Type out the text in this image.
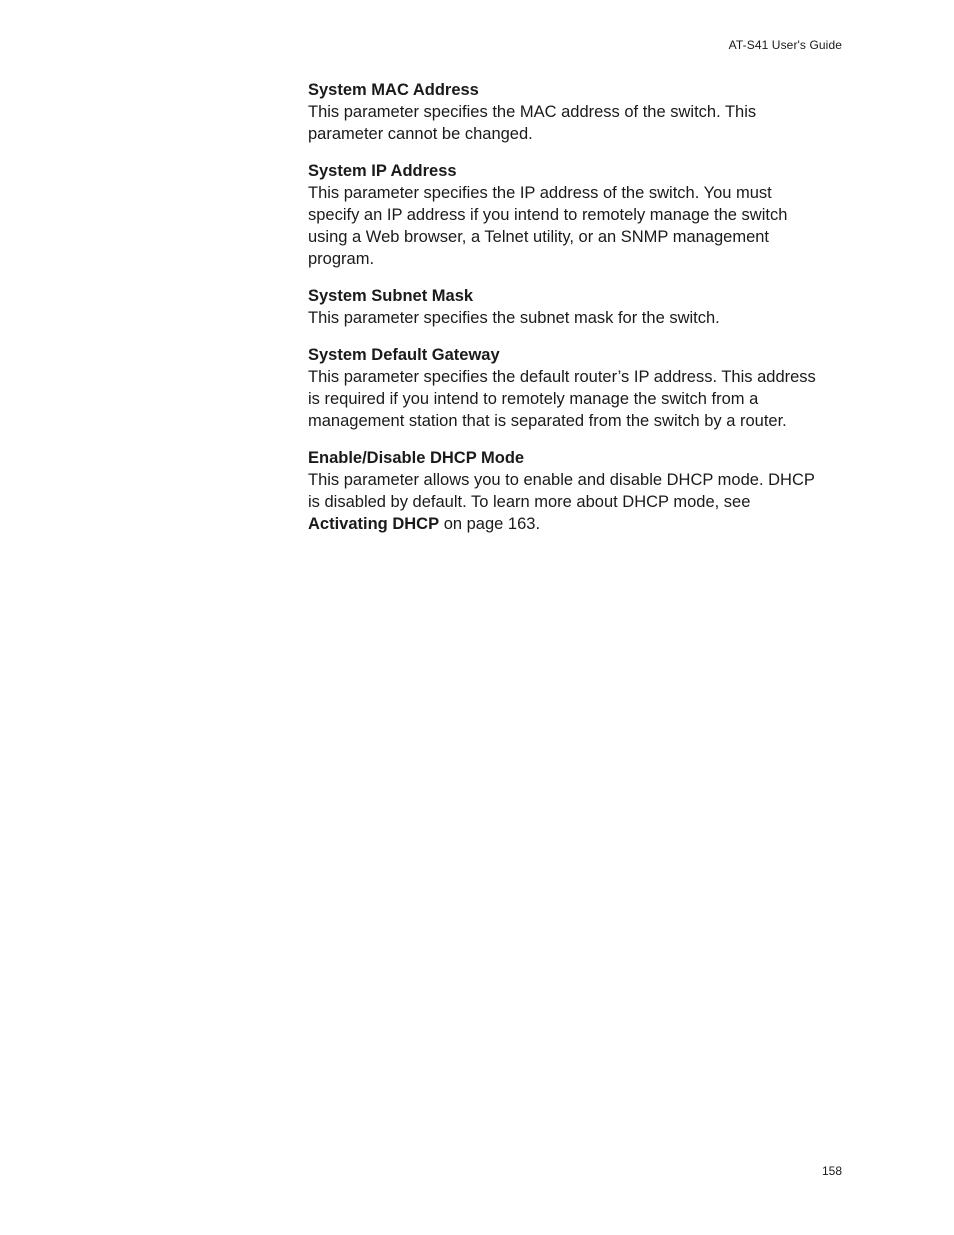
AT-S41 User's Guide

System MAC Address

This parameter specifies the MAC address of the switch. This parameter cannot be changed.

System IP Address

This parameter specifies the IP address of the switch. You must specify an IP address if you intend to remotely manage the switch using a Web browser, a Telnet utility, or an SNMP management program.

System Subnet Mask

This parameter specifies the subnet mask for the switch.

System Default Gateway

This parameter specifies the default router’s IP address. This address is required if you intend to remotely manage the switch from a management station that is separated from the switch by a router.

Enable/Disable DHCP Mode

This parameter allows you to enable and disable DHCP mode. DHCP is disabled by default. To learn more about DHCP mode, see Activating DHCP on page 163.

158
